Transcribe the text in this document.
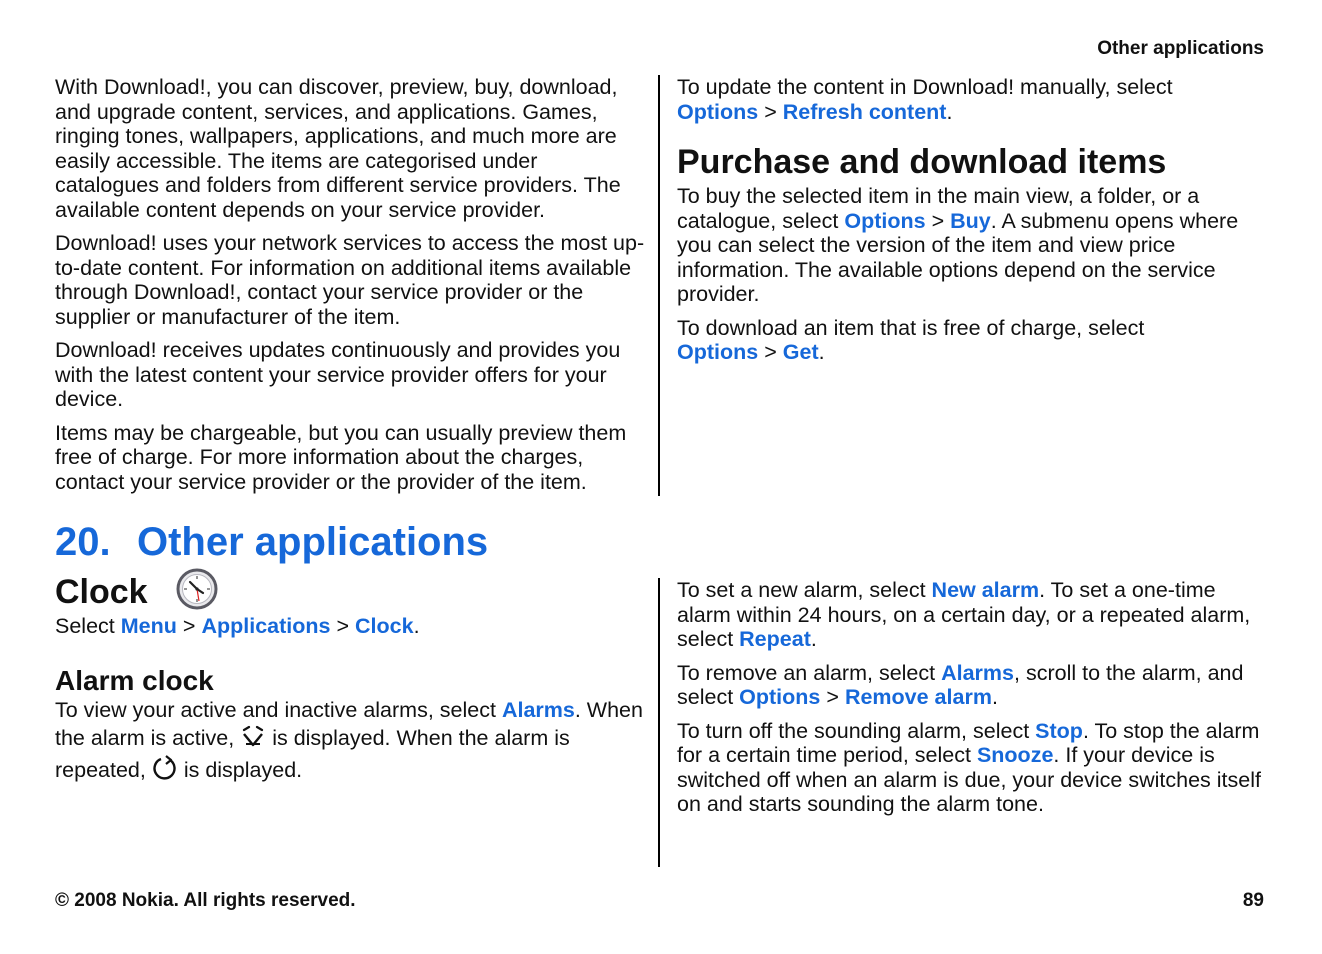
Other applications

With Download!, you can discover, preview, buy, download, and upgrade content, services, and applications. Games, ringing tones, wallpapers, applications, and much more are easily accessible. The items are categorised under catalogues and folders from different service providers. The available content depends on your service provider.

Download! uses your network services to access the most up-to-date content. For information on additional items available through Download!, contact your service provider or the supplier or manufacturer of the item.

Download! receives updates continuously and provides you with the latest content your service provider offers for your device.

Items may be chargeable, but you can usually preview them free of charge. For more information about the charges, contact your service provider or the provider of the item.

To update the content in Download! manually, select Options > Refresh content.

Purchase and download items

To buy the selected item in the main view, a folder, or a catalogue, select Options > Buy. A submenu opens where you can select the version of the item and view price information. The available options depend on the service provider.

To download an item that is free of charge, select Options > Get.

20. Other applications
Clock

Select Menu > Applications > Clock.

Alarm clock

To view your active and inactive alarms, select Alarms. When the alarm is active, is displayed. When the alarm is repeated, is displayed.

To set a new alarm, select New alarm. To set a one-time alarm within 24 hours, on a certain day, or a repeated alarm, select Repeat.

To remove an alarm, select Alarms, scroll to the alarm, and select Options > Remove alarm.

To turn off the sounding alarm, select Stop. To stop the alarm for a certain time period, select Snooze. If your device is switched off when an alarm is due, your device switches itself on and starts sounding the alarm tone.

© 2008 Nokia. All rights reserved.	89
